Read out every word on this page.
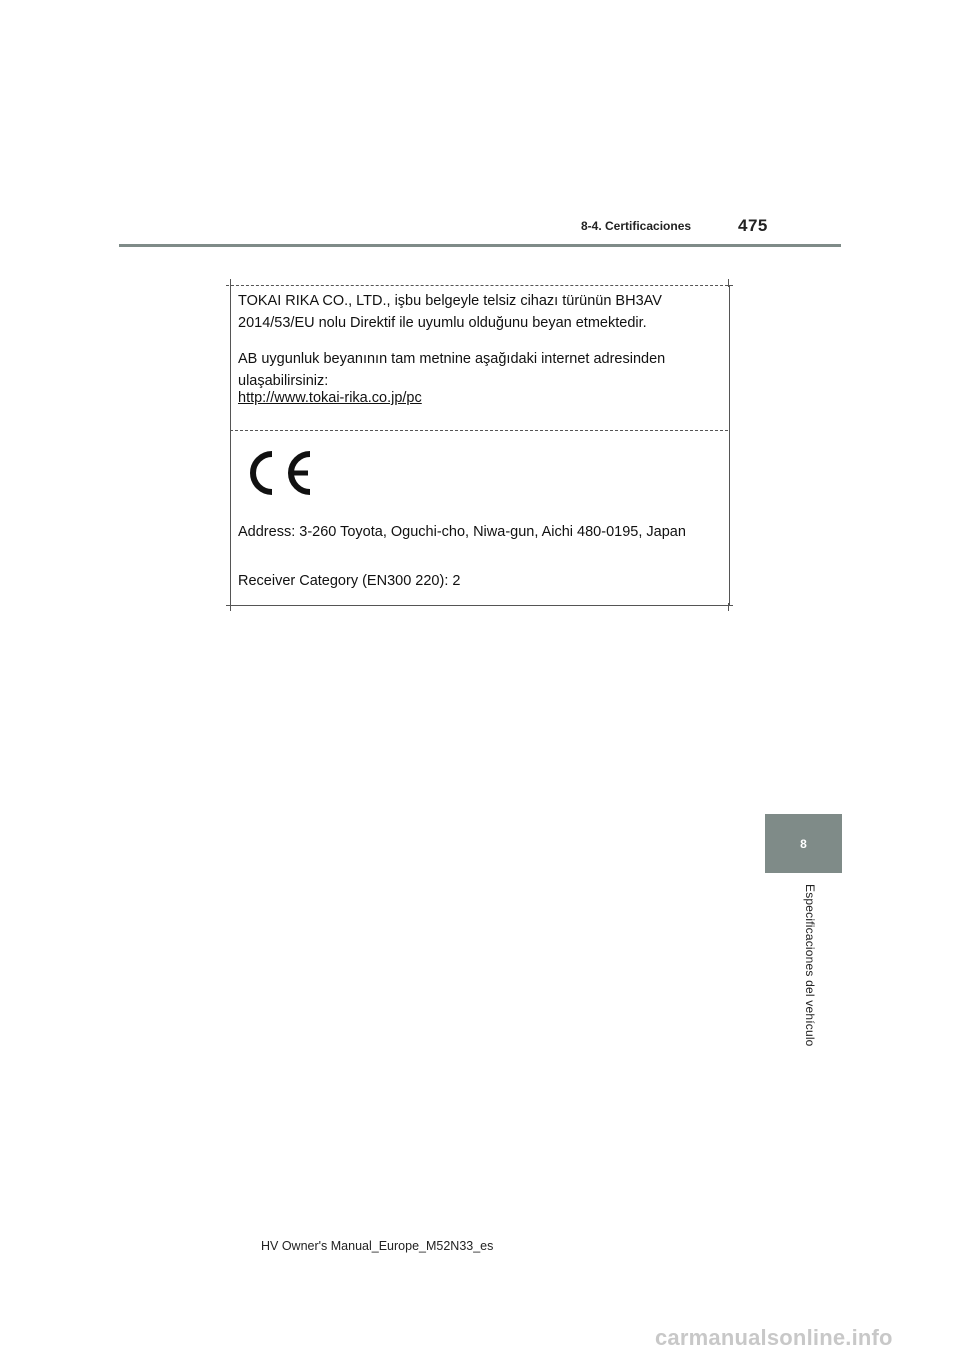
8-4. Certificaciones	475
TOKAI RIKA CO., LTD., işbu belgeyle telsiz cihazı türünün BH3AV 2014/53/EU nolu Direktif ile uyumlu olduğunu beyan etmektedir.
AB uygunluk beyanının tam metnine aşağıdaki internet adresinden ulaşabilirsiniz:
http://www.tokai-rika.co.jp/pc
Address: 3-260 Toyota, Oguchi-cho, Niwa-gun, Aichi 480-0195, Japan
Receiver Category (EN300 220): 2
8
Especificaciones del vehículo
HV Owner's Manual_Europe_M52N33_es
carmanualsonline.info
